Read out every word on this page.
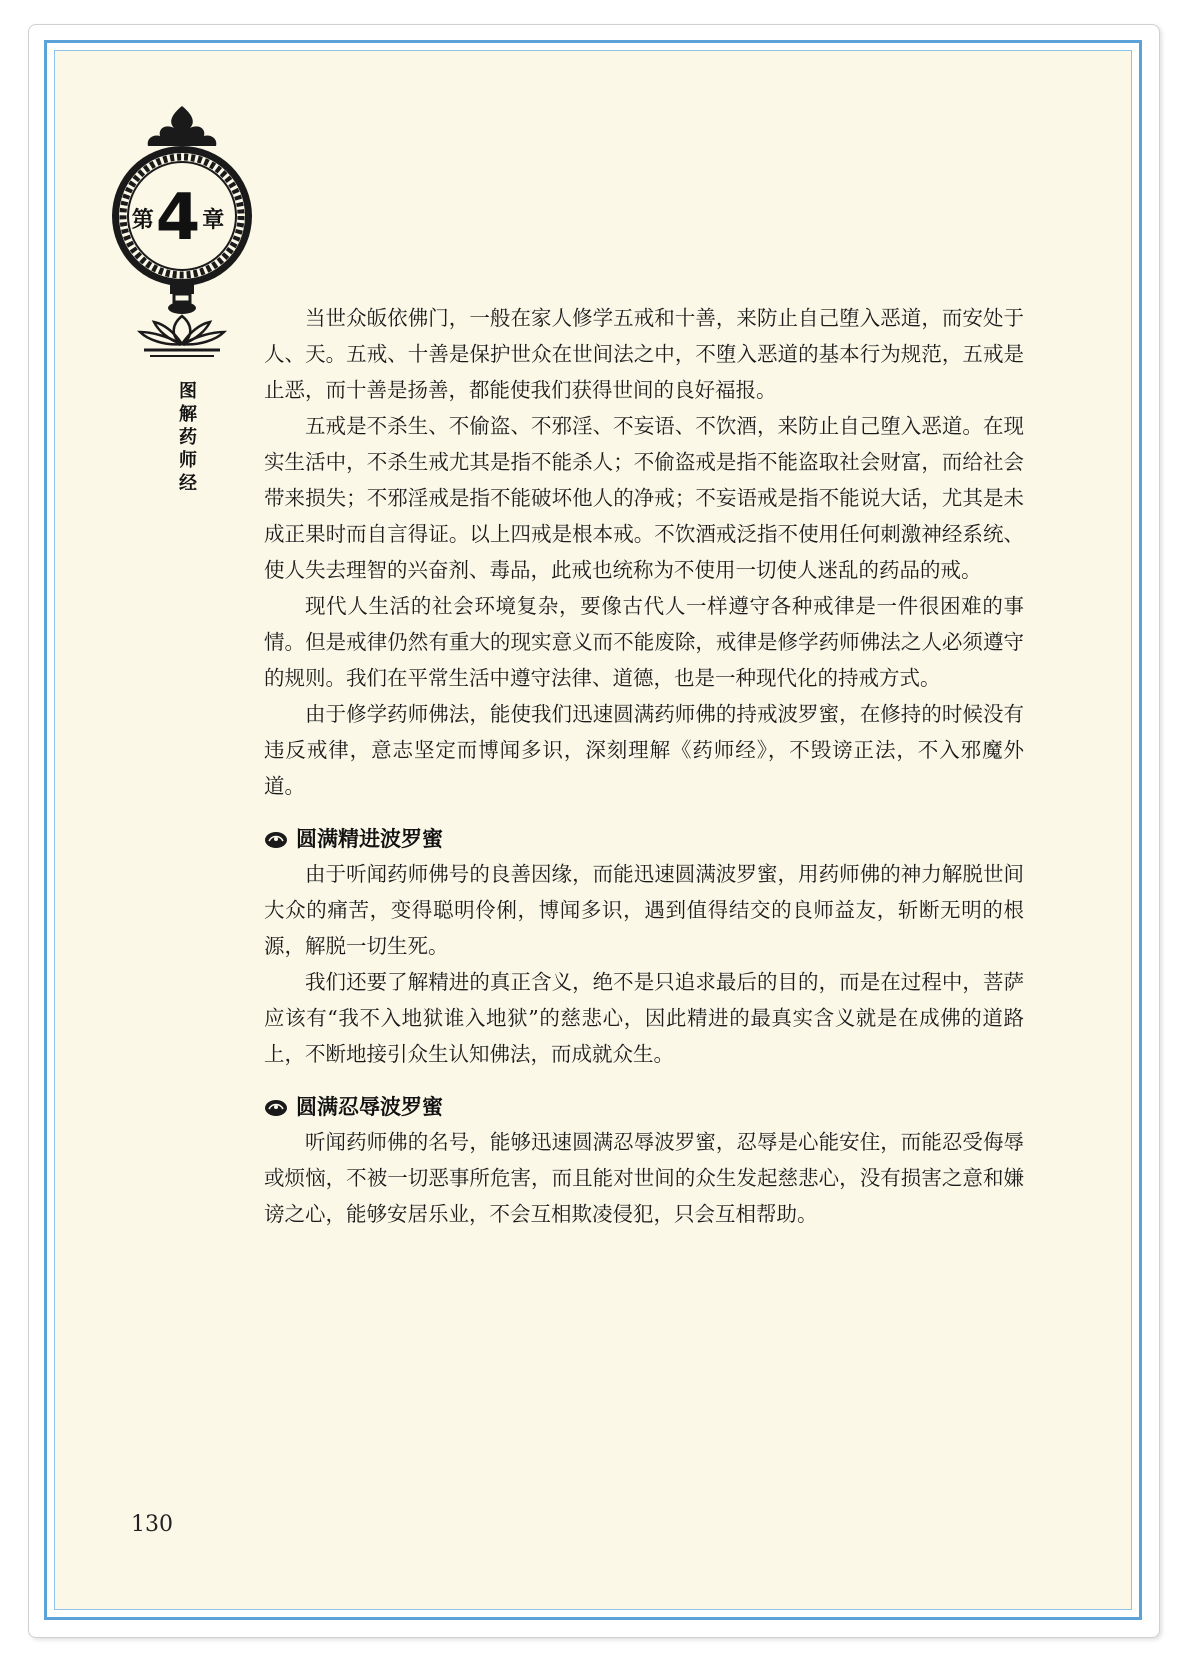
第 4 章
图解药师经

当世众皈依佛门，一般在家人修学五戒和十善，来防止自己堕入恶道，而安处于人、天。五戒、十善是保护世众在世间法之中，不堕入恶道的基本行为规范，五戒是止恶，而十善是扬善，都能使我们获得世间的良好福报。

五戒是不杀生、不偷盗、不邪淫、不妄语、不饮酒，来防止自己堕入恶道。在现实生活中，不杀生戒尤其是指不能杀人；不偷盗戒是指不能盗取社会财富，而给社会带来损失；不邪淫戒是指不能破坏他人的净戒；不妄语戒是指不能说大话，尤其是未成正果时而自言得证。以上四戒是根本戒。不饮酒戒泛指不使用任何刺激神经系统、使人失去理智的兴奋剂、毒品，此戒也统称为不使用一切使人迷乱的药品的戒。

现代人生活的社会环境复杂，要像古代人一样遵守各种戒律是一件很困难的事情。但是戒律仍然有重大的现实意义而不能废除，戒律是修学药师佛法之人必须遵守的规则。我们在平常生活中遵守法律、道德，也是一种现代化的持戒方式。

由于修学药师佛法，能使我们迅速圆满药师佛的持戒波罗蜜，在修持的时候没有违反戒律，意志坚定而博闻多识，深刻理解《药师经》，不毁谤正法，不入邪魔外道。

圆满精进波罗蜜

由于听闻药师佛号的良善因缘，而能迅速圆满波罗蜜，用药师佛的神力解脱世间大众的痛苦，变得聪明伶俐，博闻多识，遇到值得结交的良师益友，斩断无明的根源，解脱一切生死。

我们还要了解精进的真正含义，绝不是只追求最后的目的，而是在过程中，菩萨应该有“我不入地狱谁入地狱”的慈悲心，因此精进的最真实含义就是在成佛的道路上，不断地接引众生认知佛法，而成就众生。

圆满忍辱波罗蜜

听闻药师佛的名号，能够迅速圆满忍辱波罗蜜，忍辱是心能安住，而能忍受侮辱或烦恼，不被一切恶事所危害，而且能对世间的众生发起慈悲心，没有损害之意和嫌谤之心，能够安居乐业，不会互相欺凌侵犯，只会互相帮助。

130
